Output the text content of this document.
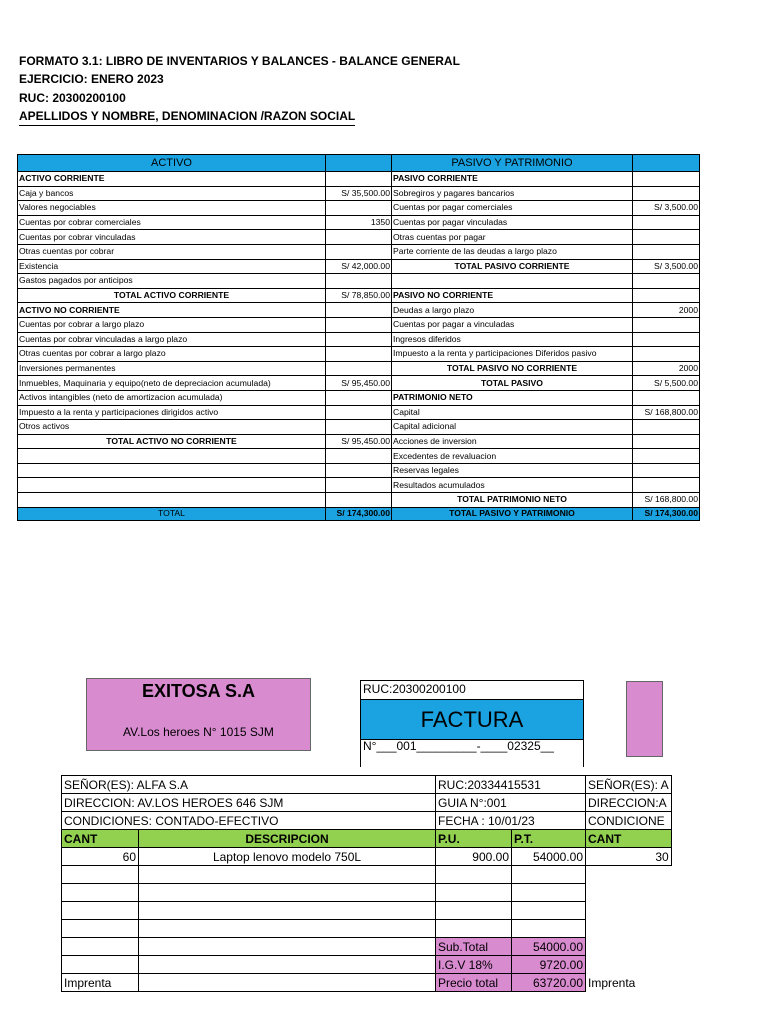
FORMATO 3.1: LIBRO DE INVENTARIOS Y BALANCES - BALANCE GENERAL
EJERCICIO: ENERO 2023
RUC: 20300200100
APELLIDOS Y NOMBRE, DENOMINACION /RAZON SOCIAL
ACTIVO		PASIVO Y PATRIMONIO	
ACTIVO CORRIENTE		PASIVO CORRIENTE	
Caja y bancos	S/ 35,500.00	Sobregiros y pagares bancarios	
Valores negociables		Cuentas por pagar comerciales	S/ 3,500.00
Cuentas por cobrar comerciales	1350	Cuentas por pagar vinculadas	
Cuentas por cobrar vinculadas		Otras cuentas por pagar	
Otras cuentas por cobrar		Parte corriente de las deudas a largo plazo	
Existencia	S/ 42,000.00	TOTAL PASIVO CORRIENTE	S/ 3,500.00
Gastos pagados por anticipos			
TOTAL ACTIVO CORRIENTE	S/ 78,850.00	PASIVO NO CORRIENTE	
ACTIVO NO CORRIENTE		Deudas a largo plazo	2000
Cuentas por cobrar a largo plazo		Cuentas por pagar a vinculadas	
Cuentas por cobrar vinculadas a largo plazo		Ingresos diferidos	
Otras cuentas por cobrar a largo plazo		Impuesto a la renta y participaciones Diferidos pasivo	
Inversiones permanentes		TOTAL PASIVO NO CORRIENTE	2000
Inmuebles, Maquinaria y equipo(neto de depreciacion acumulada)	S/ 95,450.00	TOTAL PASIVO	S/ 5,500.00
Activos intangibles (neto de amortizacion acumulada)		PATRIMONIO NETO	
Impuesto a la renta y participaciones dirigidos activo		Capital	S/ 168,800.00
Otros activos		Capital adicional	
TOTAL ACTIVO NO CORRIENTE	S/ 95,450.00	Acciones de inversion	
		Excedentes de revaluacion	
		Reservas legales	
		Resultados acumulados	
		TOTAL PATRIMONIO NETO	S/ 168,800.00
TOTAL	S/ 174,300.00	TOTAL PASIVO Y PATRIMONIO	S/ 174,300.00
EXITOSA S.A
AV.Los heroes N° 1015 SJM
RUC:20300200100
FACTURA
N°___001_________-____02325__
SEÑOR(ES): ALFA S.A		RUC:20334415531		SEÑOR(ES): A
DIRECCION: AV.LOS HEROES 646 SJM		GUIA N°:001		DIRECCION:A
CONDICIONES: CONTADO-EFECTIVO		FECHA : 10/01/23		CONDICIONE
CANT	DESCRIPCION	P.U.	P.T.	CANT
60	Laptop lenovo modelo 750L	900.00	54000.00	30

		Sub.Total	54000.00	
		I.G.V 18%	9720.00	
Imprenta		Precio total	63720.00	Imprenta
